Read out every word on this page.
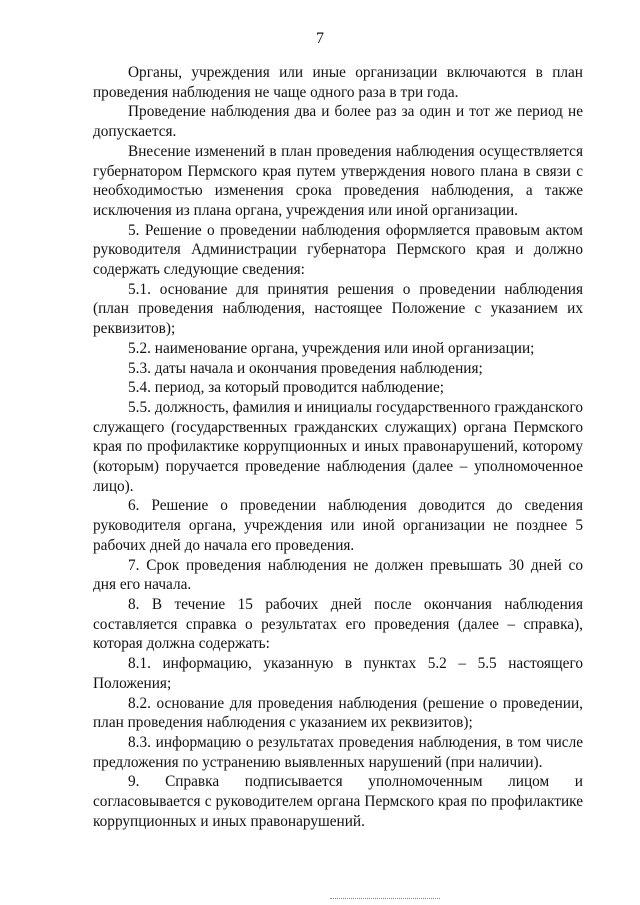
7

Органы, учреждения или иные организации включаются в план проведения наблюдения не чаще одного раза в три года.

Проведение наблюдения два и более раз за один и тот же период не допускается.

Внесение изменений в план проведения наблюдения осуществляется губернатором Пермского края путем утверждения нового плана в связи с необходимостью изменения срока проведения наблюдения, а также исключения из плана органа, учреждения или иной организации.

5. Решение о проведении наблюдения оформляется правовым актом руководителя Администрации губернатора Пермского края и должно содержать следующие сведения:

5.1. основание для принятия решения о проведении наблюдения (план проведения наблюдения, настоящее Положение с указанием их реквизитов);

5.2. наименование органа, учреждения или иной организации;

5.3. даты начала и окончания проведения наблюдения;

5.4. период, за который проводится наблюдение;

5.5. должность, фамилия и инициалы государственного гражданского служащего (государственных гражданских служащих) органа Пермского края по профилактике коррупционных и иных правонарушений, которому (которым) поручается проведение наблюдения (далее – уполномоченное лицо).

6. Решение о проведении наблюдения доводится до сведения руководителя органа, учреждения или иной организации не позднее 5 рабочих дней до начала его проведения.

7. Срок проведения наблюдения не должен превышать 30 дней со дня его начала.

8. В течение 15 рабочих дней после окончания наблюдения составляется справка о результатах его проведения (далее – справка), которая должна содержать:

8.1. информацию, указанную в пунктах 5.2 – 5.5 настоящего Положения;

8.2. основание для проведения наблюдения (решение о проведении, план проведения наблюдения с указанием их реквизитов);

8.3. информацию о результатах проведения наблюдения, в том числе предложения по устранению выявленных нарушений (при наличии).

9. Справка подписывается уполномоченным лицом и согласовывается с руководителем органа Пермского края по профилактике коррупционных и иных правонарушений.
